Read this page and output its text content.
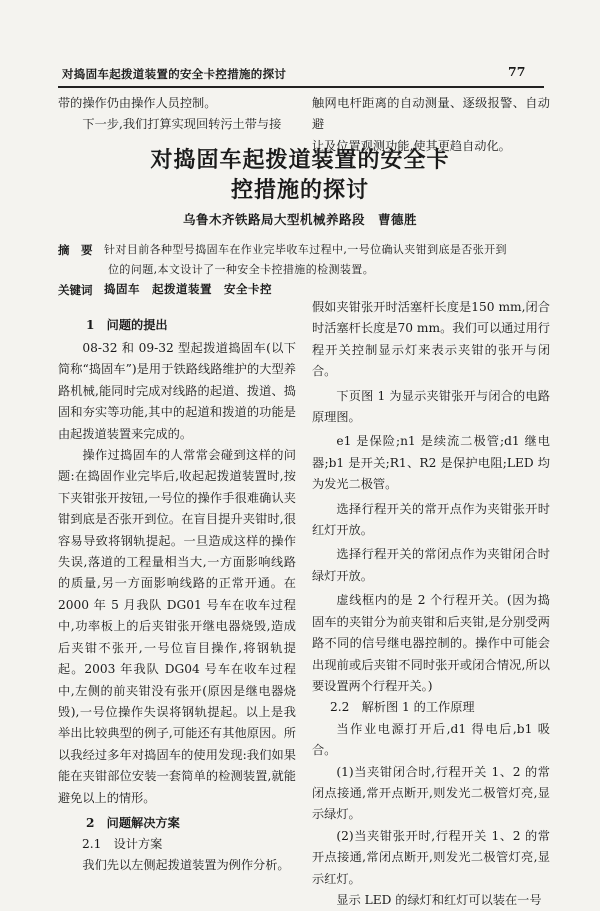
对捣固车起拨道装置的安全卡控措施的探讨	77

带的操作仍由操作人员控制。

下一步,我们打算实现回转污土带与接

触网电杆距离的自动测量、逐级报警、自动避

让及位置观测功能,使其更趋自动化。

对捣固车起拨道装置的安全卡
控措施的探讨
乌鲁木齐铁路局大型机械养路段　曹德胜
摘　要 针对目前各种型号捣固车在作业完毕收车过程中,一号位确认夹钳到底是否张开到
位的问题,本文设计了一种安全卡控措施的检测装置。
关键词 捣固车　起拨道装置　安全卡控

1　问题的提出

08-32 和 09-32 型起拨道捣固车(以下简称“捣固车”)是用于铁路线路维护的大型养路机械,能同时完成对线路的起道、拨道、捣固和夯实等功能,其中的起道和拨道的功能是由起拨道装置来完成的。

操作过捣固车的人常常会碰到这样的问题:在捣固作业完毕后,收起起拨道装置时,按下夹钳张开按钮,一号位的操作手很难确认夹钳到底是否张开到位。在盲目提升夹钳时,很容易导致将钢轨提起。一旦造成这样的操作失误,落道的工程量相当大,一方面影响线路的质量,另一方面影响线路的正常开通。在 2000 年 5 月我队 DG01 号车在收车过程中,功率板上的后夹钳张开继电器烧毁,造成后夹钳不张开,一号位盲目操作,将钢轨提起。2003 年我队 DG04 号车在收车过程中,左侧的前夹钳没有张开(原因是继电器烧毁),一号位操作失误将钢轨提起。以上是我举出比较典型的例子,可能还有其他原因。所以我经过多年对捣固车的使用发现:我们如果能在夹钳部位安装一套简单的检测装置,就能避免以上的情形。

2　问题解决方案

2.1　设计方案

我们先以左侧起拨道装置为例作分析。

假如夹钳张开时活塞杆长度是150 mm,闭合时活塞杆长度是70 mm。我们可以通过用行程开关控制显示灯来表示夹钳的张开与闭合。

下页图 1 为显示夹钳张开与闭合的电路原理图。

e1 是保险;n1 是续流二极管;d1 继电器;b1 是开关;R1、R2 是保护电阻;LED 均为发光二极管。

选择行程开关的常开点作为夹钳张开时红灯开放。

选择行程开关的常闭点作为夹钳闭合时绿灯开放。

虚线框内的是 2 个行程开关。(因为捣固车的夹钳分为前夹钳和后夹钳,是分别受两路不同的信号继电器控制的。操作中可能会出现前或后夹钳不同时张开或闭合情况,所以要设置两个行程开关。)

2.2　解析图 1 的工作原理

当作业电源打开后,d1 得电后,b1 吸合。

(1)当夹钳闭合时,行程开关 1、2 的常闭点接通,常开点断开,则发光二极管灯亮,显示绿灯。

(2)当夹钳张开时,行程开关 1、2 的常开点接通,常闭点断开,则发光二极管灯亮,显示红灯。

显示 LED 的绿灯和红灯可以装在一号
